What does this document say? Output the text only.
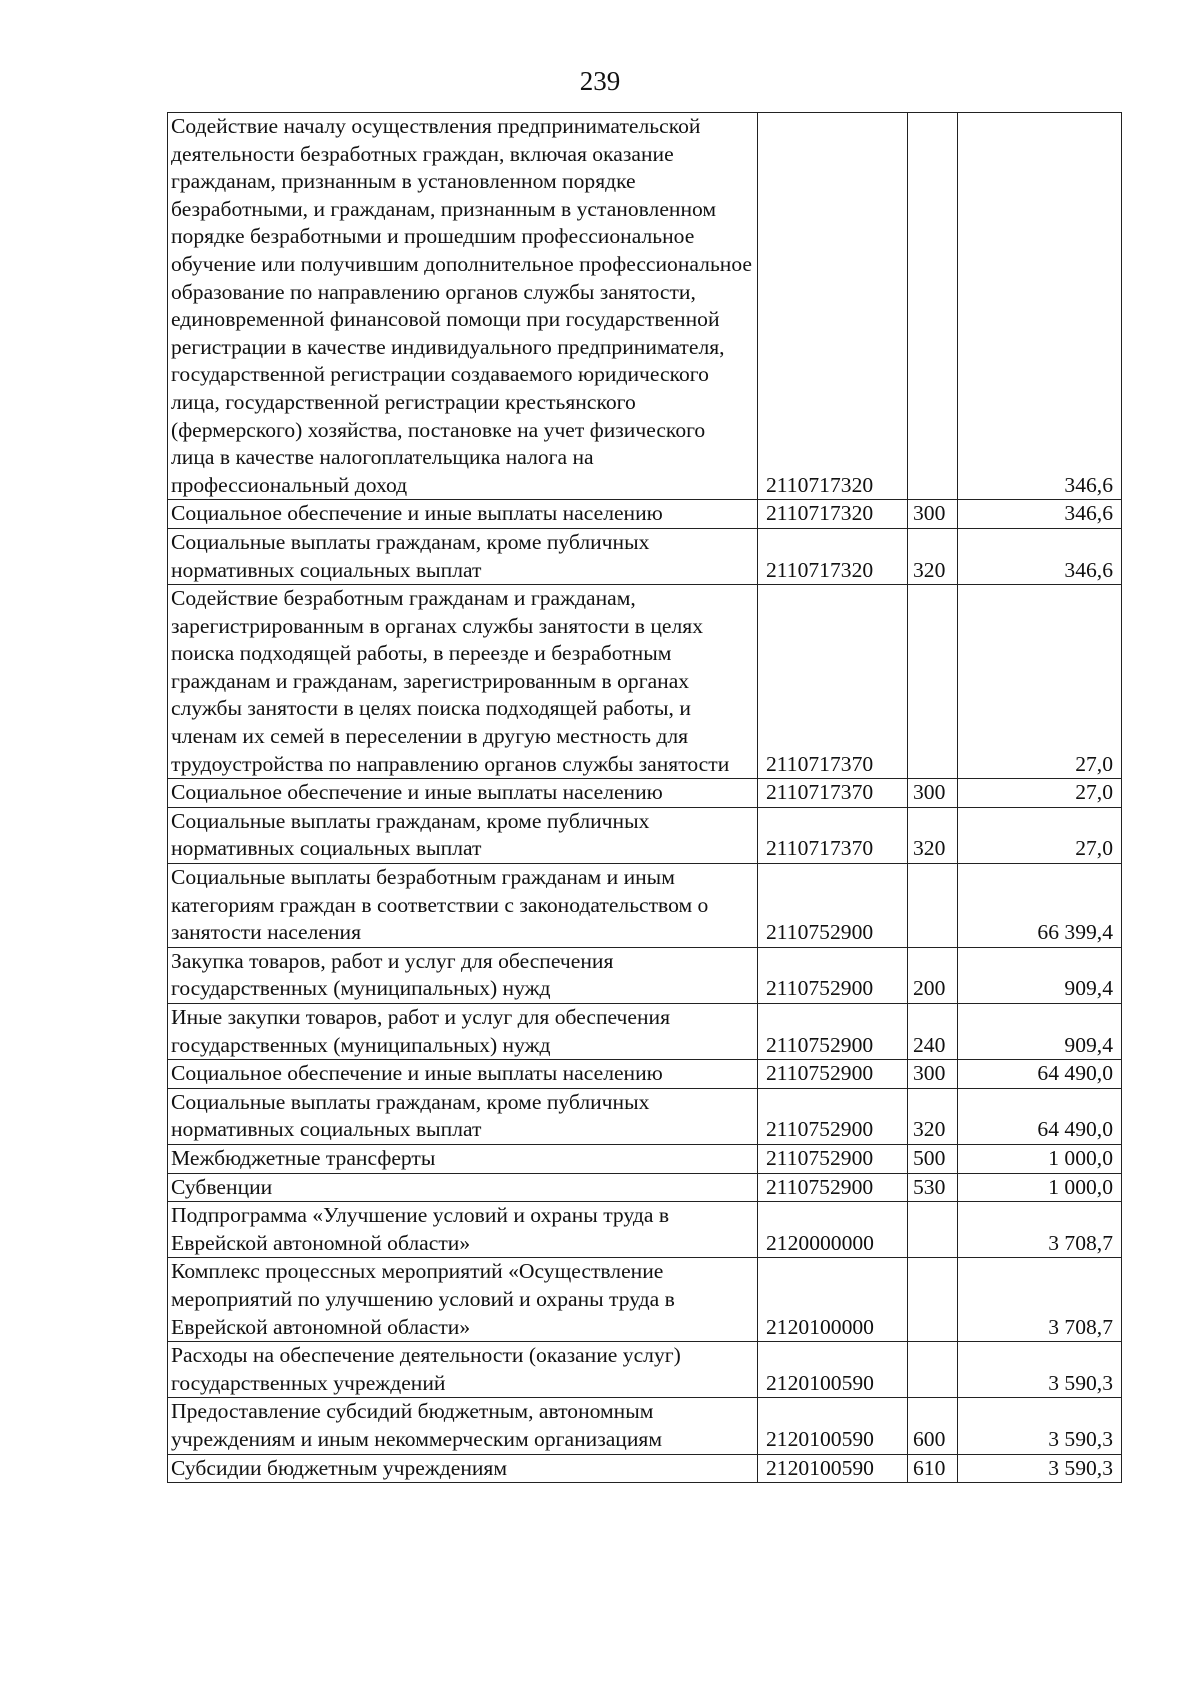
239
Содействие началу осуществления предпринимательской деятельности безработных граждан, включая оказание гражданам, признанным в установленном порядке безработными, и гражданам, признанным в установленном порядке безработными и прошедшим профессиональное обучение или получившим дополнительное профессиональное образование по направлению органов службы занятости, единовременной финансовой помощи при государственной регистрации в качестве индивидуального предпринимателя, государственной регистрации создаваемого юридического лица, государственной регистрации крестьянского (фермерского) хозяйства, постановке на учет физического лица в качестве налогоплательщика налога на профессиональный доход	2110717320		346,6
Социальное обеспечение и иные выплаты населению	2110717320	300	346,6
Социальные выплаты гражданам, кроме публичных нормативных социальных выплат	2110717320	320	346,6
Содействие безработным гражданам и гражданам, зарегистрированным в органах службы занятости в целях поиска подходящей работы, в переезде и безработным гражданам и гражданам, зарегистрированным в органах службы занятости в целях поиска подходящей работы, и членам их семей в переселении в другую местность для трудоустройства по направлению органов службы занятости	2110717370		27,0
Социальное обеспечение и иные выплаты населению	2110717370	300	27,0
Социальные выплаты гражданам, кроме публичных нормативных социальных выплат	2110717370	320	27,0
Социальные выплаты безработным гражданам и иным категориям граждан в соответствии с законодательством о занятости населения	2110752900		66 399,4
Закупка товаров, работ и услуг для обеспечения государственных (муниципальных) нужд	2110752900	200	909,4
Иные закупки товаров, работ и услуг для обеспечения государственных (муниципальных) нужд	2110752900	240	909,4
Социальное обеспечение и иные выплаты населению	2110752900	300	64 490,0
Социальные выплаты гражданам, кроме публичных нормативных социальных выплат	2110752900	320	64 490,0
Межбюджетные трансферты	2110752900	500	1 000,0
Субвенции	2110752900	530	1 000,0
Подпрограмма «Улучшение условий и охраны труда в Еврейской автономной области»	2120000000		3 708,7
Комплекс процессных мероприятий «Осуществление мероприятий по улучшению условий и охраны труда в Еврейской автономной области»	2120100000		3 708,7
Расходы на обеспечение деятельности (оказание услуг) государственных учреждений	2120100590		3 590,3
Предоставление субсидий бюджетным, автономным учреждениям и иным некоммерческим организациям	2120100590	600	3 590,3
Субсидии бюджетным учреждениям	2120100590	610	3 590,3
